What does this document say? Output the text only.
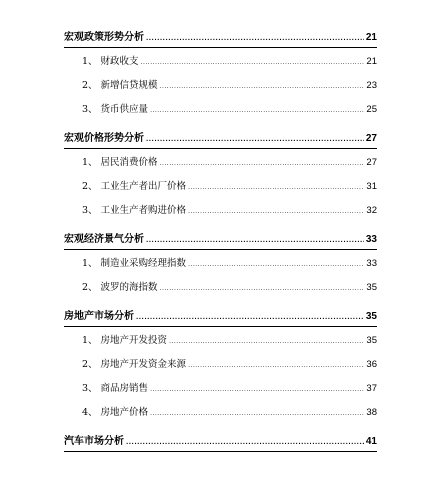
宏观政策形势分析 .....	21
1、 财政收支 .....	21
2、 新增信贷规模 .....	23
3、 货币供应量 .....	25
宏观价格形势分析 .....	27
1、 居民消费价格 .....	27
2、 工业生产者出厂价格 .....	31
3、 工业生产者购进价格 .....	32
宏观经济景气分析 .....	33
1、 制造业采购经理指数 .....	33
2、 波罗的海指数 .....	35
房地产市场分析 .....	35
1、 房地产开发投资 .....	35
2、 房地产开发资金来源 .....	36
3、 商品房销售 .....	37
4、 房地产价格 .....	38
汽车市场分析 .....	41
